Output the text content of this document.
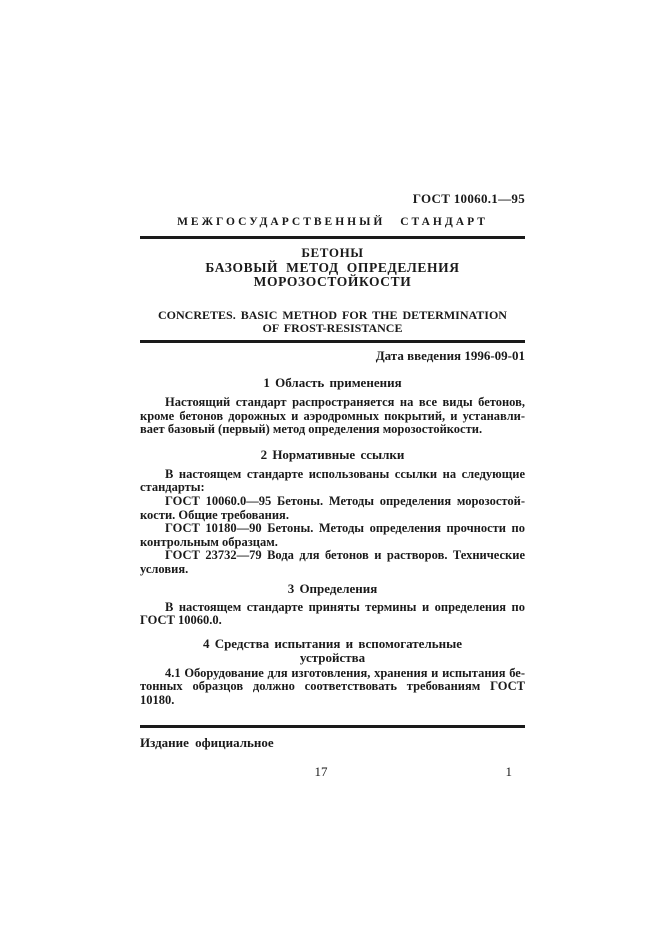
ГОСТ 10060.1—95
МЕЖГОСУДАРСТВЕННЫЙ СТАНДАРТ
БЕТОНЫ
БАЗОВЫЙ МЕТОД ОПРЕДЕЛЕНИЯ МОРОЗОСТОЙКОСТИ
CONCRETES. BASIC METHOD FOR THE DETERMINATION
OF FROST-RESISTANCE
Дата введения 1996-09-01
1 Область применения
Настоящий стандарт распространяется на все виды бетонов,
кроме бетонов дорожных и аэродромных покрытий, и устанавли-
вает базовый (первый) метод определения морозостойкости.
2 Нормативные ссылки
В настоящем стандарте использованы ссылки на следующие
стандарты:
ГОСТ 10060.0—95 Бетоны. Методы определения морозостой-
кости. Общие требования.
ГОСТ 10180—90 Бетоны. Методы определения прочности по
контрольным образцам.
ГОСТ 23732—79 Вода для бетонов и растворов. Технические
условия.
3 Определения
В настоящем стандарте приняты термины и определения по
ГОСТ 10060.0.
4 Средства испытания и вспомогательные
устройства
4.1 Оборудование для изготовления, хранения и испытания бе-
тонных образцов должно соответствовать требованиям ГОСТ 10180.
Издание официальное
17	1
